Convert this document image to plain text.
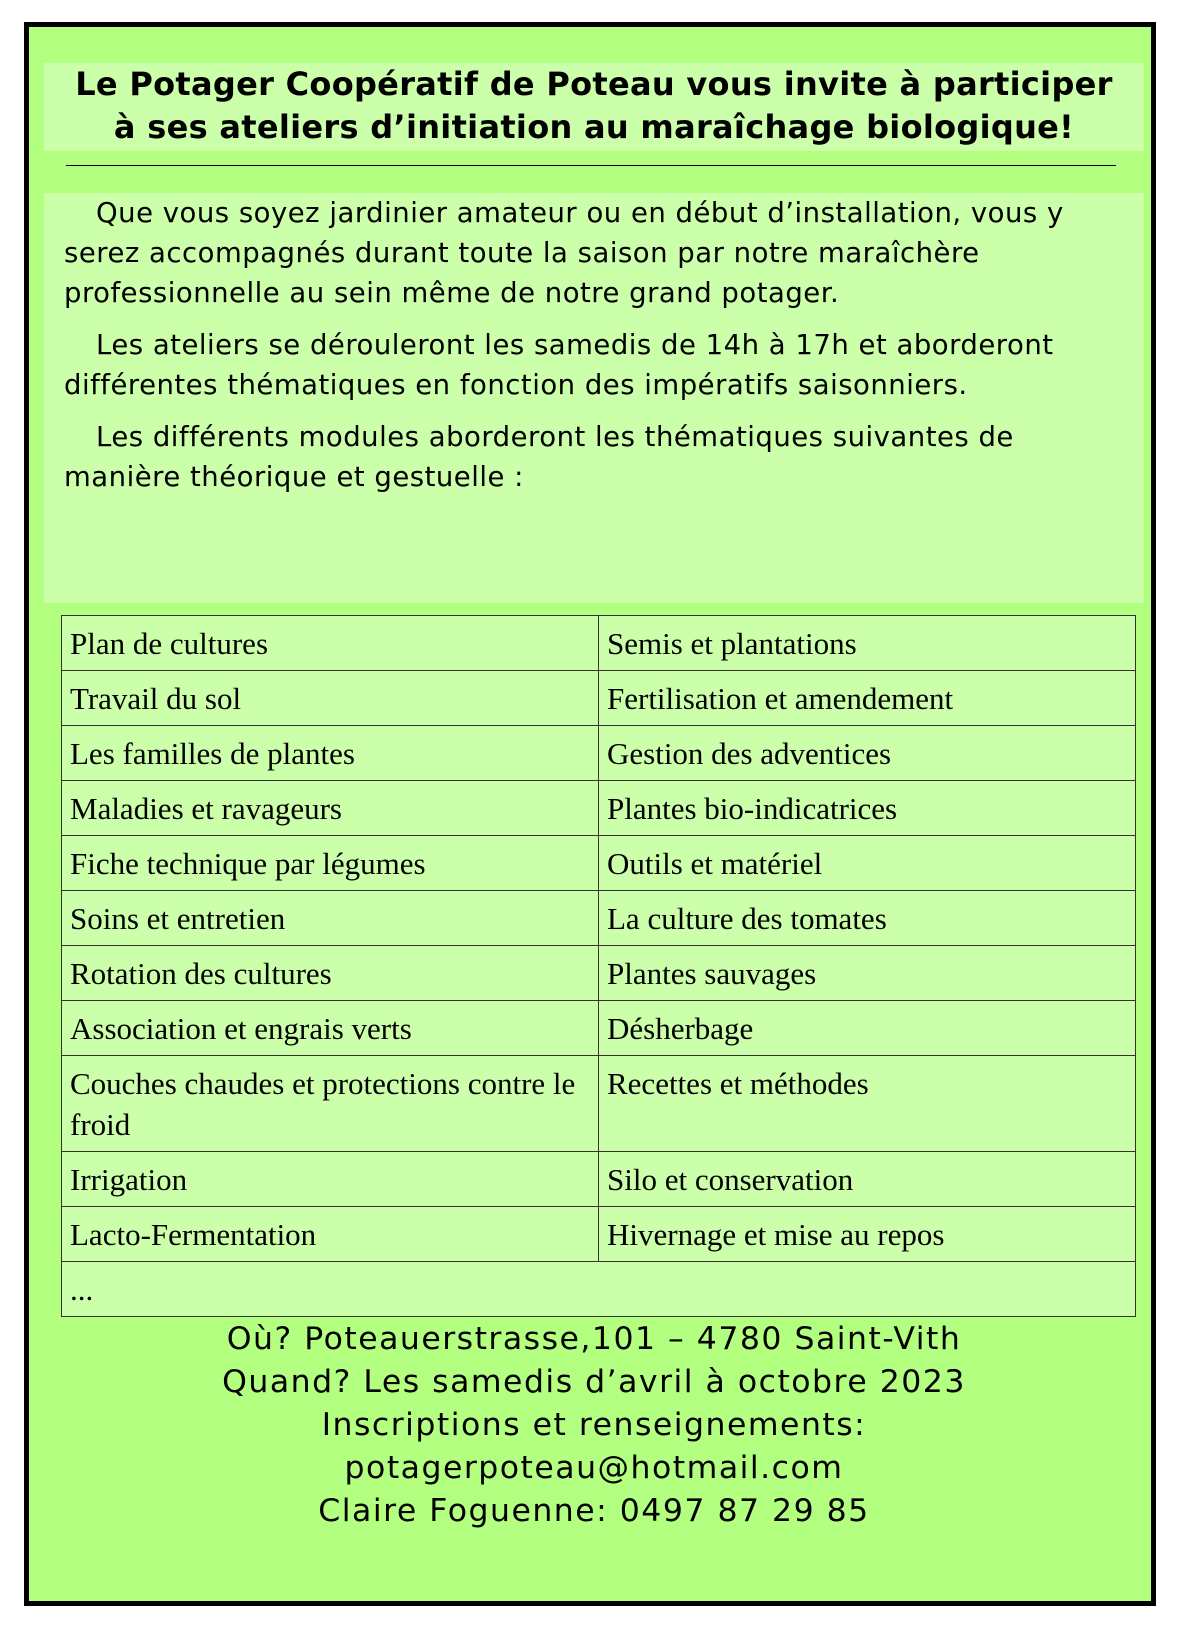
Le Potager Coopératif de Poteau vous invite à participer
à ses ateliers d’initiation au maraîchage biologique!

Que vous soyez jardinier amateur ou en début d’installation, vous y serez accompagnés durant toute la saison par notre maraîchère professionnelle au sein même de notre grand potager.

Les ateliers se dérouleront les samedis de 14h à 17h et aborderont différentes thématiques en fonction des impératifs saisonniers.

Les différents modules aborderont les thématiques suivantes de manière théorique et gestuelle :

Plan de cultures	Semis et plantations
Travail du sol	Fertilisation et amendement
Les familles de plantes	Gestion des adventices
Maladies et ravageurs	Plantes bio-indicatrices
Fiche technique par légumes	Outils et matériel
Soins et entretien	La culture des tomates
Rotation des cultures	Plantes sauvages
Association et engrais verts	Désherbage
Couches chaudes et protections contre le froid	Recettes et méthodes
Irrigation	Silo et conservation
Lacto-Fermentation	Hivernage et mise au repos
...	
Où? Poteauerstrasse,101 – 4780 Saint-Vith
Quand? Les samedis d’avril à octobre 2023
Inscriptions et renseignements:
potagerpoteau@hotmail.com
Claire Foguenne: 0497 87 29 85
